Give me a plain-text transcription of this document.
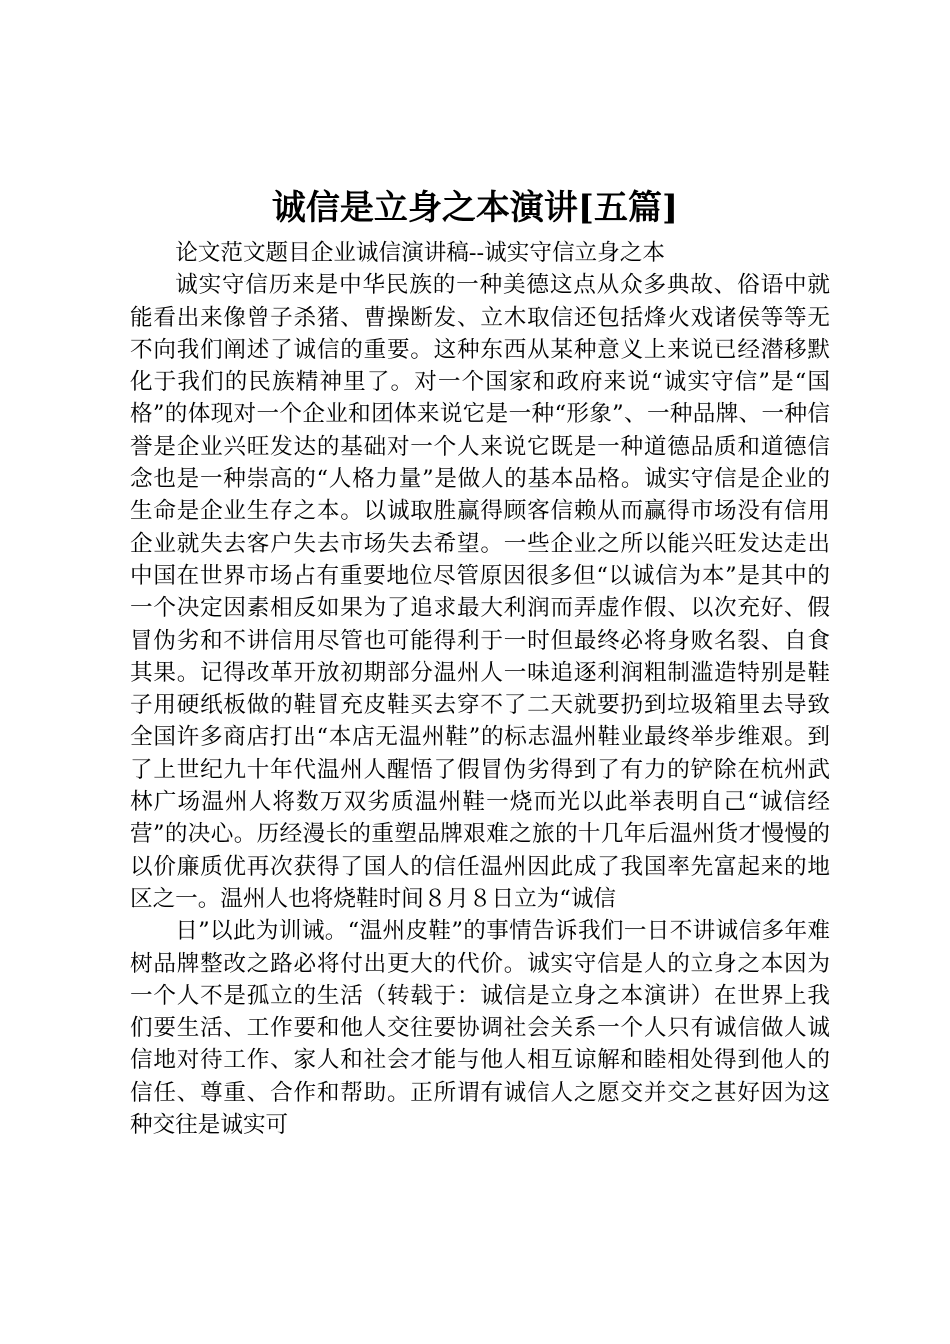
诚信是立身之本演讲[五篇]

论文范文题目企业诚信演讲稿--诚实守信立身之本

诚实守信历来是中华民族的一种美德这点从众多典故、俗语中就能看出来像曾子杀猪、曹操断发、立木取信还包括烽火戏诸侯等等无不向我们阐述了诚信的重要。这种东西从某种意义上来说已经潜移默化于我们的民族精神里了。对一个国家和政府来说“诚实守信”是“国格”的体现对一个企业和团体来说它是一种“形象”、一种品牌、一种信誉是企业兴旺发达的基础对一个人来说它既是一种道德品质和道德信念也是一种崇高的“人格力量”是做人的基本品格。诚实守信是企业的生命是企业生存之本。以诚取胜赢得顾客信赖从而赢得市场没有信用企业就失去客户失去市场失去希望。一些企业之所以能兴旺发达走出中国在世界市场占有重要地位尽管原因很多但“以诚信为本”是其中的一个决定因素相反如果为了追求最大利润而弄虚作假、以次充好、假冒伪劣和不讲信用尽管也可能得利于一时但最终必将身败名裂、自食其果。记得改革开放初期部分温州人一味追逐利润粗制滥造特别是鞋子用硬纸板做的鞋冒充皮鞋买去穿不了二天就要扔到垃圾箱里去导致全国许多商店打出“本店无温州鞋”的标志温州鞋业最终举步维艰。到了上世纪九十年代温州人醒悟了假冒伪劣得到了有力的铲除在杭州武林广场温州人将数万双劣质温州鞋一烧而光以此举表明自己“诚信经营”的决心。历经漫长的重塑品牌艰难之旅的十几年后温州货才慢慢的以价廉质优再次获得了国人的信任温州因此成了我国率先富起来的地区之一。温州人也将烧鞋时间８月８日立为“诚信

日”以此为训诫。“温州皮鞋”的事情告诉我们一日不讲诚信多年难树品牌整改之路必将付出更大的代价。诚实守信是人的立身之本因为一个人不是孤立的生活（转载于：诚信是立身之本演讲）在世界上我们要生活、工作要和他人交往要协调社会关系一个人只有诚信做人诚信地对待工作、家人和社会才能与他人相互谅解和睦相处得到他人的信任、尊重、合作和帮助。正所谓有诚信人之愿交并交之甚好因为这种交往是诚实可
